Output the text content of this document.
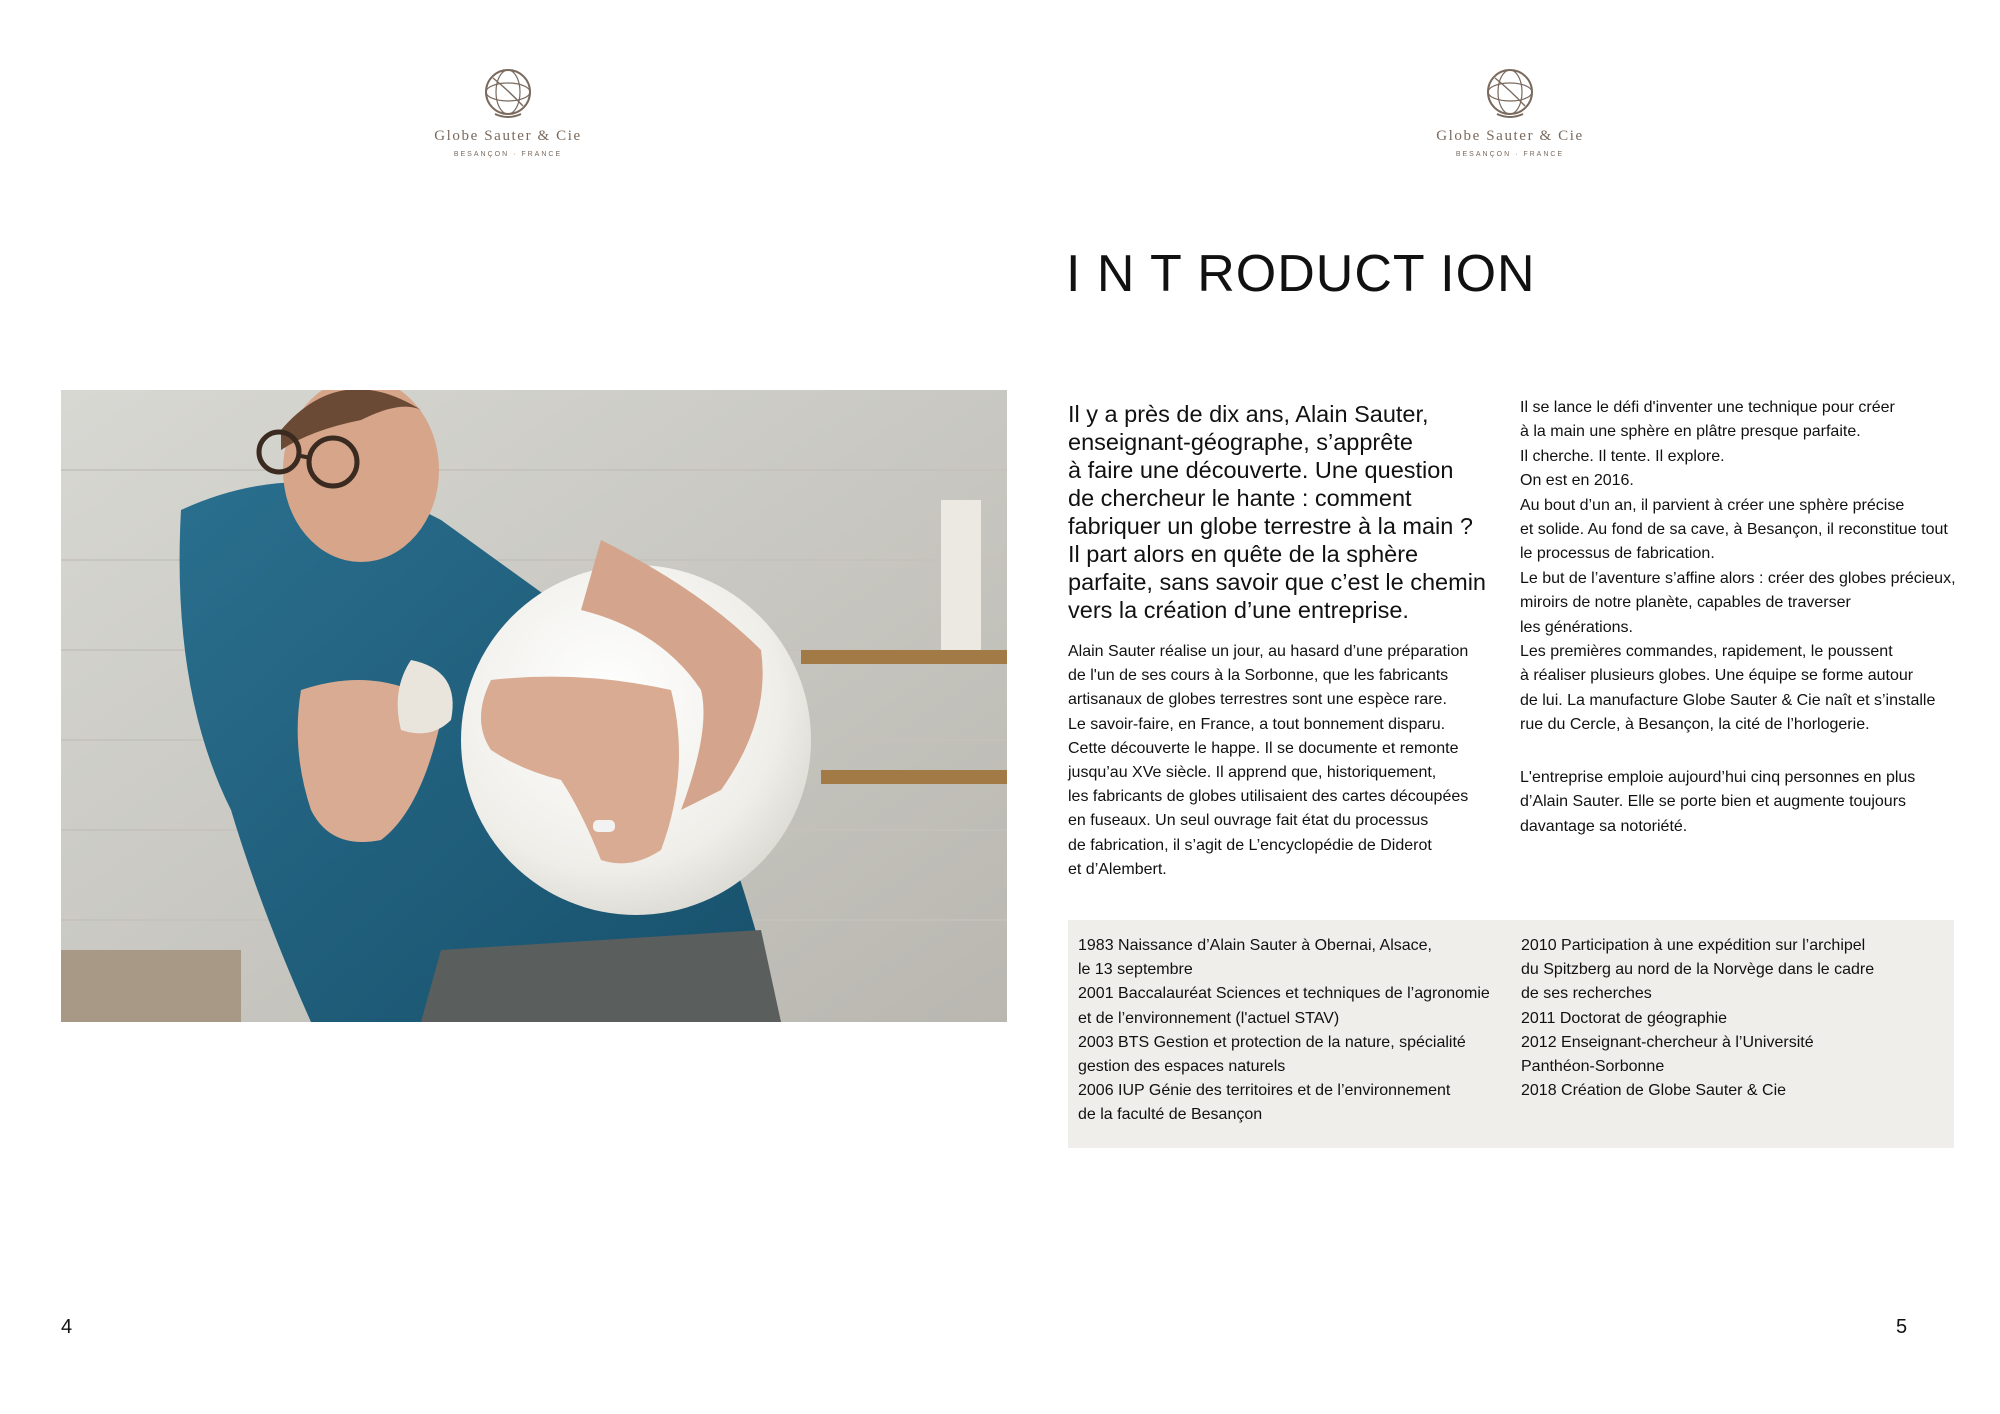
Globe Sauter & Cie
BESANÇON · FRANCE
Globe Sauter & Cie
BESANÇON · FRANCE
I N T RODUCT ION
Il y a près de dix ans, Alain Sauter,
enseignant-géographe, s’apprête
à faire une découverte. Une question
de chercheur le hante : comment
fabriquer un globe terrestre à la main ?
Il part alors en quête de la sphère
parfaite, sans savoir que c’est le chemin
vers la création d’une entreprise.
Alain Sauter réalise un jour, au hasard d’une préparation
de l'un de ses cours à la Sorbonne, que les fabricants
artisanaux de globes terrestres sont une espèce rare.
Le savoir-faire, en France, a tout bonnement disparu.
Cette découverte le happe. Il se documente et remonte
jusqu’au XVe siècle. Il apprend que, historiquement,
les fabricants de globes utilisaient des cartes découpées
en fuseaux. Un seul ouvrage fait état du processus
de fabrication, il s’agit de L’encyclopédie de Diderot
et d’Alembert.
Il se lance le défi d'inventer une technique pour créer
à la main une sphère en plâtre presque parfaite.
Il cherche. Il tente. Il explore.
On est en 2016.
Au bout d’un an, il parvient à créer une sphère précise
et solide. Au fond de sa cave, à Besançon, il reconstitue tout
le processus de fabrication.
Le but de l’aventure s’affine alors : créer des globes précieux,
miroirs de notre planète, capables de traverser
les générations.
Les premières commandes, rapidement, le poussent
à réaliser plusieurs globes. Une équipe se forme autour
de lui. La manufacture Globe Sauter & Cie naît et s’installe
rue du Cercle, à Besançon, la cité de l’horlogerie.
L'entreprise emploie aujourd’hui cinq personnes en plus
d’Alain Sauter. Elle se porte bien et augmente toujours
davantage sa notoriété.
1983 Naissance d’Alain Sauter à Obernai, Alsace,
le 13 septembre
2001 Baccalauréat Sciences et techniques de l’agronomie
et de l’environnement (l'actuel STAV)
2003 BTS Gestion et protection de la nature, spécialité
gestion des espaces naturels
2006 IUP Génie des territoires et de l’environnement
de la faculté de Besançon
2010 Participation à une expédition sur l’archipel
du Spitzberg au nord de la Norvège dans le cadre
de ses recherches
2011 Doctorat de géographie
2012 Enseignant-chercheur à l’Université
Panthéon-Sorbonne
2018 Création de Globe Sauter & Cie
4	5
